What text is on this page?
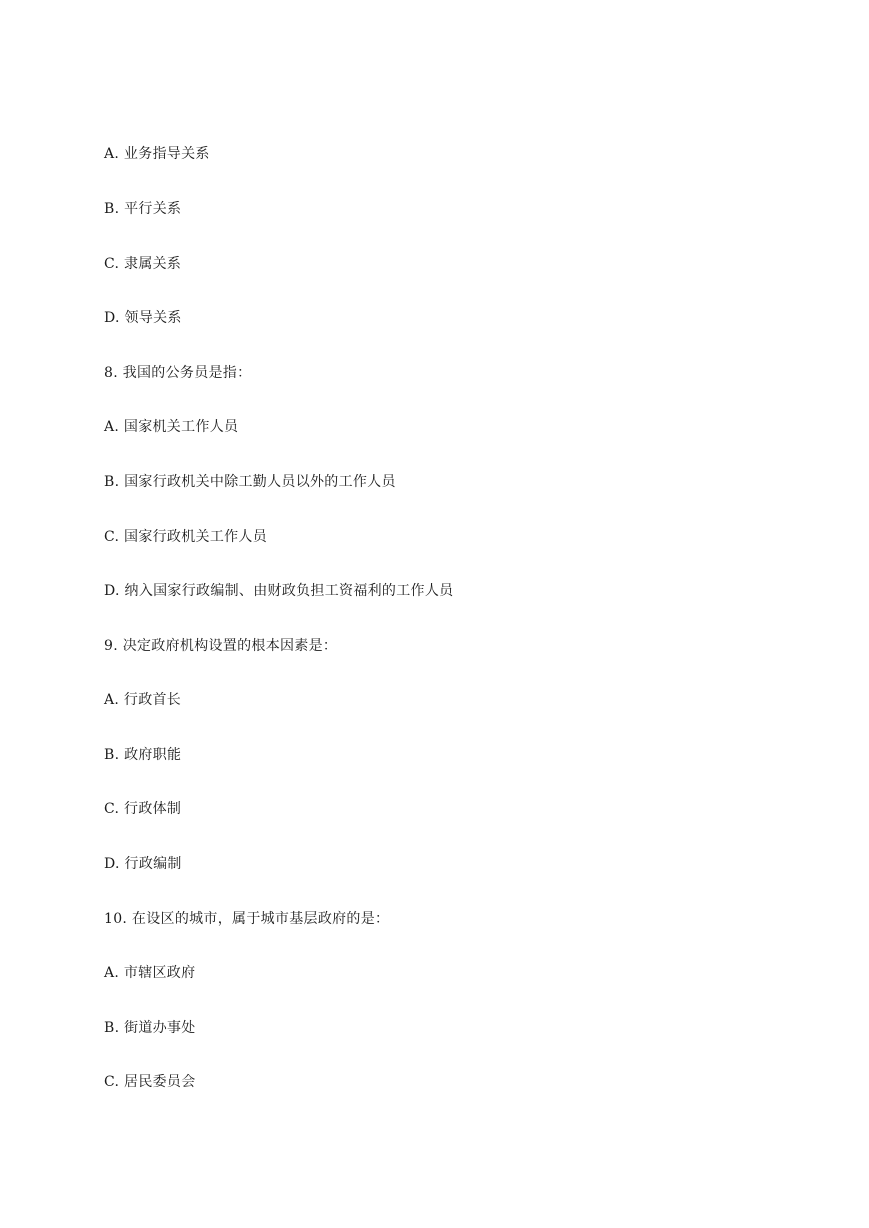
A. 业务指导关系
B. 平行关系
C. 隶属关系
D. 领导关系
8. 我国的公务员是指：
A. 国家机关工作人员
B. 国家行政机关中除工勤人员以外的工作人员
C. 国家行政机关工作人员
D. 纳入国家行政编制、由财政负担工资福利的工作人员
9. 决定政府机构设置的根本因素是：
A. 行政首长
B. 政府职能
C. 行政体制
D. 行政编制
10. 在设区的城市，属于城市基层政府的是：
A. 市辖区政府
B. 街道办事处
C. 居民委员会
